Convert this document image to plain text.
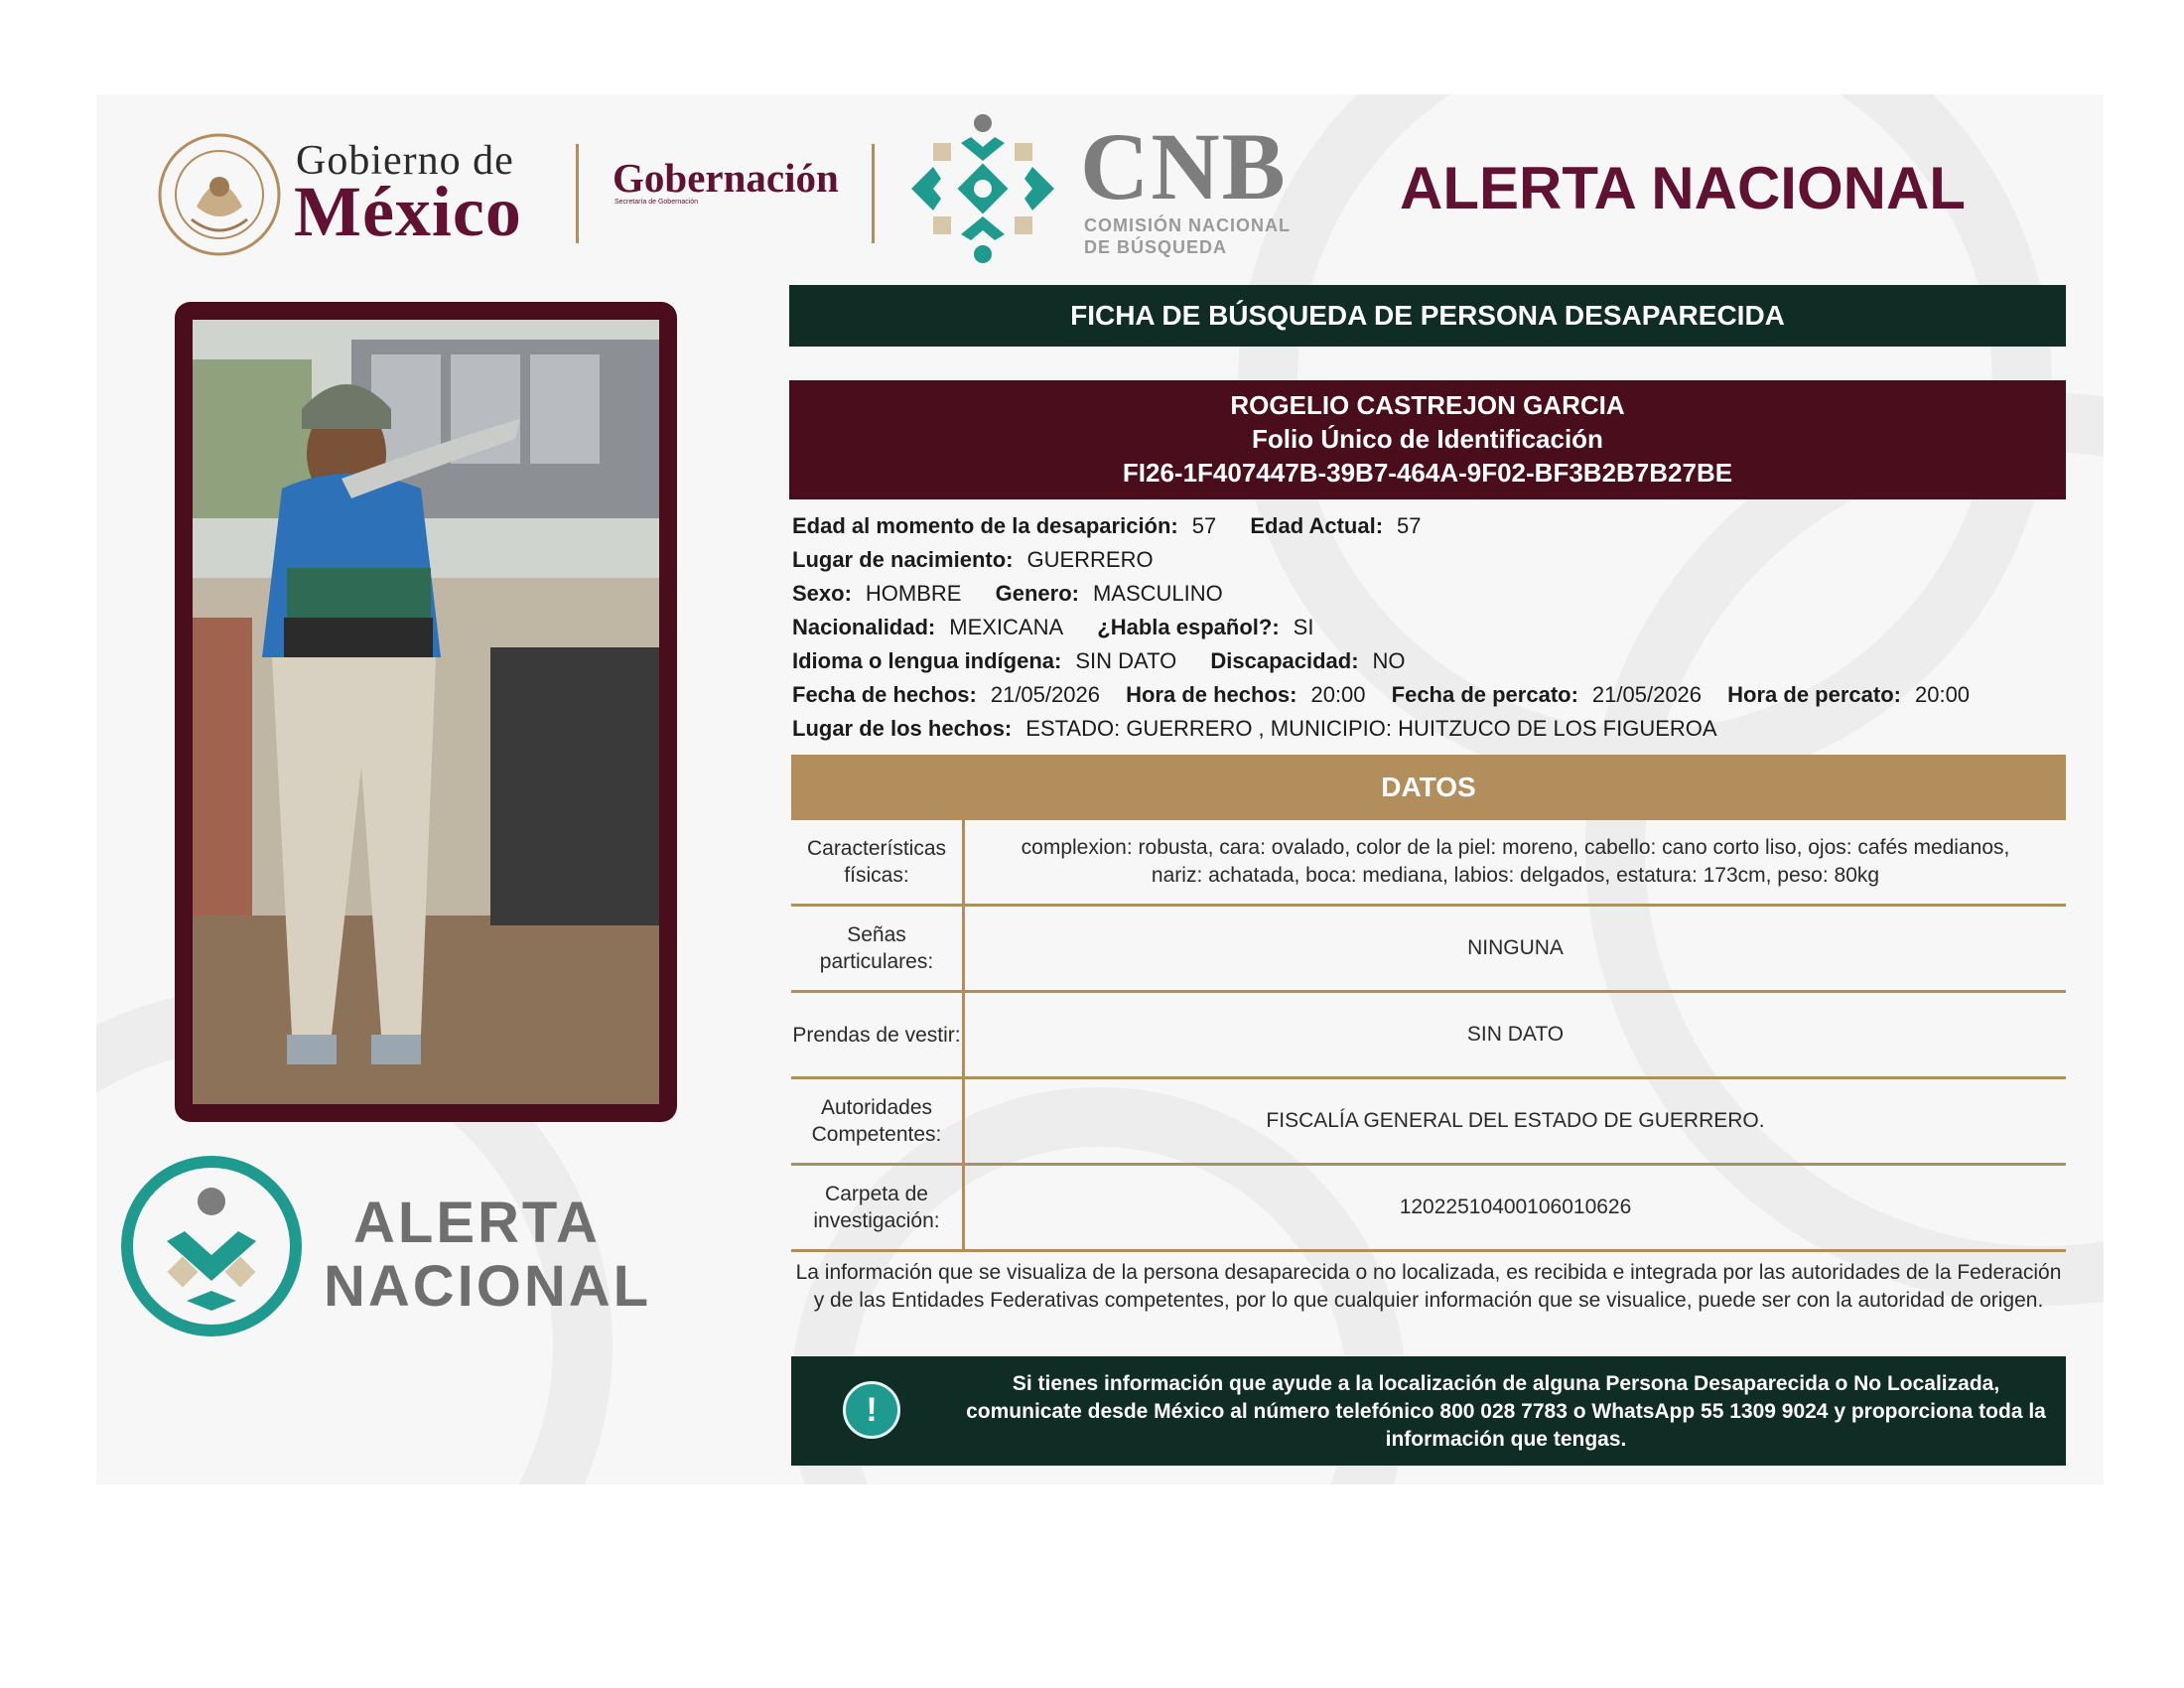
Gobierno de
México Gobernación
Secretaría de Gobernación	CNB
COMISIÓN NACIONAL
DE BÚSQUEDA
ALERTA NACIONAL
ALERTA
NACIONAL
FICHA DE BÚSQUEDA DE PERSONA DESAPARECIDA
ROGELIO CASTREJON GARCIA
Folio Único de Identificación
FI26-1F407447B-39B7-464A-9F02-BF3B2B7B27BE
Edad al momento de la desaparición: 57 Edad Actual: 57
Lugar de nacimiento: GUERRERO
Sexo: HOMBRE Genero: MASCULINO
Nacionalidad: MEXICANA ¿Habla español?: SI
Idioma o lengua indígena: SIN DATO Discapacidad: NO
Fecha de hechos: 21/05/2026 Hora de hechos: 20:00 Fecha de percato: 21/05/2026 Hora de percato: 20:00
Lugar de los hechos: ESTADO: GUERRERO , MUNICIPIO: HUITZUCO DE LOS FIGUEROA
DATOS
Características físicas:
complexion: robusta, cara: ovalado, color de la piel: moreno, cabello: cano corto liso, ojos: cafés medianos, nariz: achatada, boca: mediana, labios: delgados, estatura: 173cm, peso: 80kg
Señas particulares:
NINGUNA
Prendas de vestir:	SIN DATO
Autoridades Competentes:
FISCALÍA GENERAL DEL ESTADO DE GUERRERO.
Carpeta de investigación:
12022510400106010626
La información que se visualiza de la persona desaparecida o no localizada, es recibida e integrada por las autoridades de la Federación y de las Entidades Federativas competentes, por lo que cualquier información que se visualice, puede ser con la autoridad de origen.
!
Si tienes información que ayude a la localización de alguna Persona Desaparecida o No Localizada, comunicate desde México al número telefónico 800 028 7783 o WhatsApp 55 1309 9024 y proporciona toda la información que tengas.
